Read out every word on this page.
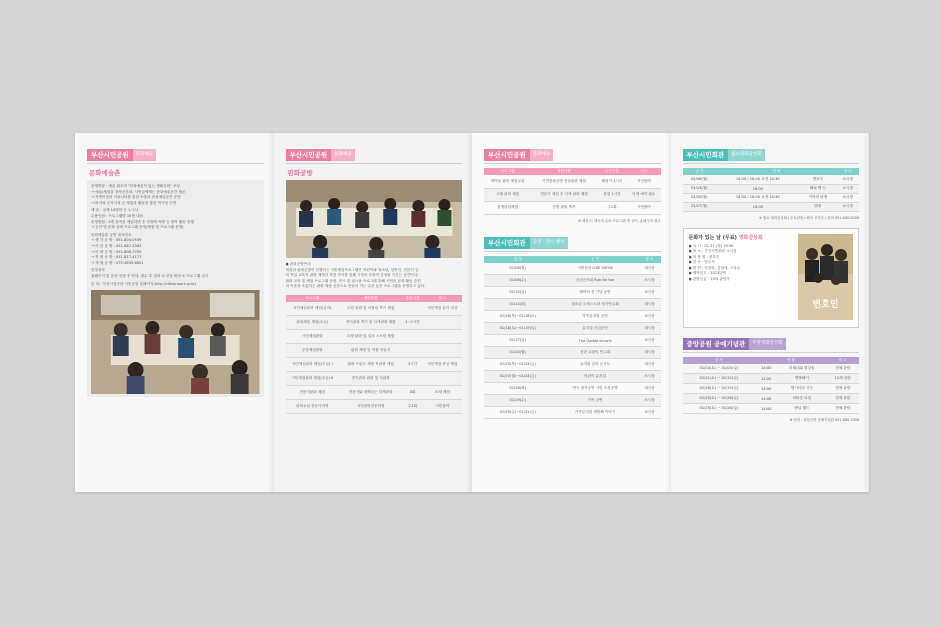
부산시민공원	문화예술
문화예술촌
운영방향 : 예술 회오적 "문화예술이 있는 생활공원" 조성
→ 예술/체험을 창작공간과, 시민들에게는 문화예술공간 제공
→ 지역이웃의 커뮤니티를 통한 소통의 문화예술공간 운영
→ 파거의 군사시설 등 체험과 활동을 통한 역사성 구현
예 술 : 공예 10명의 등 누구나
수용인원 : 프로그램별 10명 내외
운영방법 : 5개 창작동 체험하면 후 현장에 역량 등 창작 활동 진행
→ 공간 별 문화 공예 프로그램 운영(체험 및 프로그램 운영)
문화예술촌 공방 대표번호
→ 생 각 공 방 : 051-804-0539
→ 이 한 공 방 : 051-867-3365
→ 아 바 공 방 : 051-806-7705
→ 목 원 공 방 : 051-817-4177
→ 색 채 공 방 : 070-4639-8801
신청절차
홈페이지 및 유선 신청 후 안내, 접수 후 결과 ① 신청 확정 ① 프로그램 실시
문 의 : 부산시설공단 시민공원 홈페이지(http://citizenpark.or.kr)
부산시민공원	문화예술
판화공방
● 판화공방안내
체험과 판화공방이 진행되는 시민체험프로그램은 어린이와 청소년, 일반인, 전문인 등
의 작업 교육적 판화 제작과 작품 전시를 통해 시민의 문화적 감성을 키우는 공간이다.
판화 교육 및 체험 프로그램 운영, 전시 및 워크숍 프로그램 통해 시민의 문화 활동 증진
과 이웃과 소통하는 판화 체험 공간으로 만들어 가는 수준 높은 프로그램을 운영하고 있다.
프로그램	체험내용	수업시간	비고
시민체험판화 체험(유아)	도장 판화 및 마블링 찍기 체험		시민체험 유아 대상
판화체험 체험(초등)	종이판화 찍기 및 다색판화 체험	1~2시간	
시민체험판화	도장 판화 및 실크 스크린 체험		
주말체험판화	판화 체험 및 작품 만들기		
시민체험판화 체험(초등) Ⅰ	판화 프린트 체험 목판화 체험	3시간	시민체험 중심 체험
시민체험판화 체험(초등) Ⅱ	종이판화 판화 및 석판화		
전문가판화 체험	전문가와 함께하는 다색판화	4회	소재 체험
판화교실 전문가과정	시민판화전문과정	주1회	시민참여
부산시민공원	문화예술
프로그램	체험내용	수업시간	비고
아이들 판화 체험교실	시민판화공방 전문판화 체험	체험시 1시간	시민참여
고래 판화 체험	전문가 체험 후 다색 판화 체험	상설 1시간	단체 예약 필수
감정판화체험	감정 판화 찍기	주1회	시민참여
※ 체험료, 재료비 유료 프로그램 별 상이, 홈페이지 참고
부산시민회관	공연 · 전시 행사
일 자	공 연	장 소
01/06(월)	시민문화 LIVE SHOW	대극장
01/08(수)	신년음악회 Run for fun	소극장
01/10(금)	제야의 종 기념 공연	소극장
01/14(화)	청소년 오케스트라 정기연주회	대극장
01/16(목)~01/18(토)	가족뮤지컬 공연	소극장
01/18(토)~01/19(일)	뮤지컬 신년공연	대극장
01/17(금)	The Gadda show's	소극장
01/20(월)	신년 교향악 연주회	대극장
01/23(목)~01/24(금)	뮤지컬 갈라 콘서트	대극장
01/20(월)~01/24(금)	어린이 뮤지컬	소극장
01/28(화)	연극 정기공연 시민 초청공연	대극장
01/29(수)	가족 공연	소극장
01/29(수)~01/31(금)	가족뮤지컬 세번째 이야기	소극장
부산시민회관	월요영화감상회
일 자	영 화		장 소
01/06(월)	14:00 / 16:00 오전 10:30	변호인	소극장
01/13(월)	16:00	해피 엔 드	소극장
01/20(월)	14:00 / 16:00 오전 10:30	가족의 탄생	소극장
01/27(월)	16:00	범죄	소극장
※ 월요 영화감상회 / 무료관람 / 좌석 선착순 / 문의 051-630-5200
문화가 있는 날 (무료) 영화감상회
● 일 시 : 01.27.(월) 19:30
● 장 소 : 부산시민회관 소극장
● 작 품 명 : 변호인
● 감 독 : 양우석
● 출 연 : 송강호, 김영애, 오달수
● 제작년도 : 2013년작
● 관람등급 : 15세 관람가
변호인
중앙공원 공예기념관	주말영화감상회
일 자	영 화		비 고
01/04(토) ~ 01/05(일)	14:00	마제네와 빨강돌	전체 관람
01/11(토) ~ 01/12(일)	14:00	엔젤해커	12세 관람
01/18(토) ~ 01/19(일)	14:00	엔시티리 시즌	전체 관람
01/25(토) ~ 01/26(일)	14:00	어바웃 타임	전체 관람
01/25(토) ~ 01/26(일)	14:00	바닐 월드	전체 관람
※ 문의 : 중앙공원 공예기념관 051-860-7000
